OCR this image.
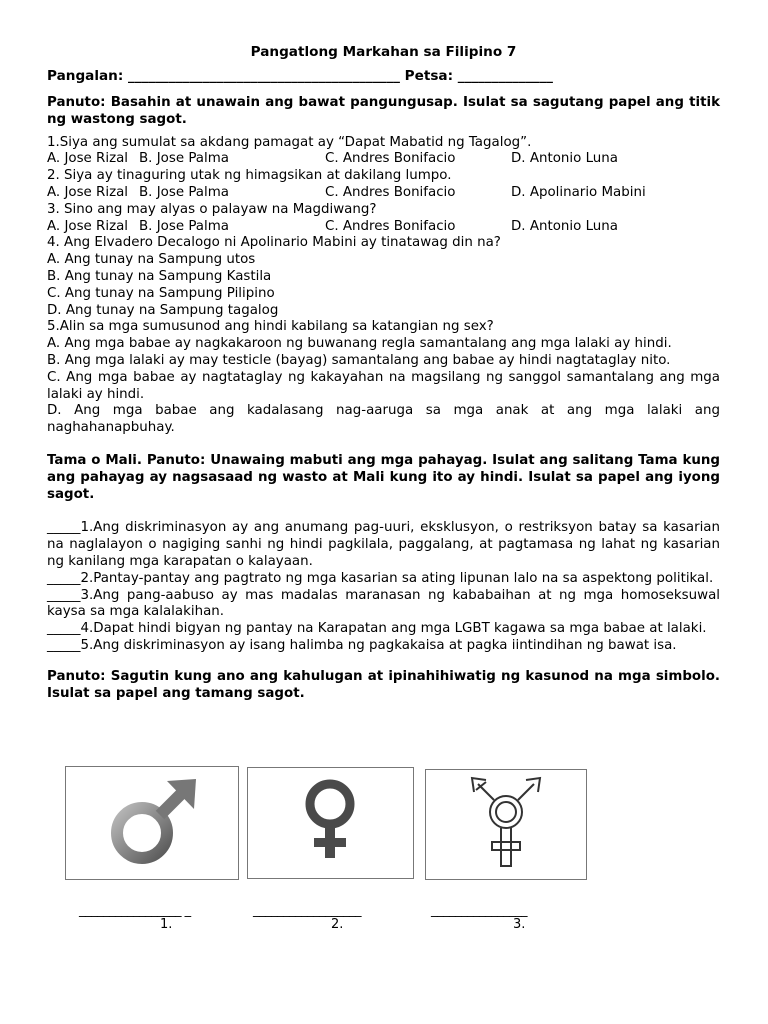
Pangatlong Markahan sa Filipino 7
Pangalan: ________________________________________ Petsa: ______________

Panuto: Basahin at unawain ang bawat pangungusap. Isulat sa sagutang papel ang titik ng wastong sagot.

1.Siya ang sumulat sa akdang pamagat ay “Dapat Mabatid ng Tagalog”.

A. Jose Rizal B. Jose Palma	C. Andres Bonifacio	D. Antonio Luna

2. Siya ay tinaguring utak ng himagsikan at dakilang lumpo.

A. Jose Rizal B. Jose Palma	C. Andres Bonifacio	D. Apolinario Mabini

3. Sino ang may alyas o palayaw na Magdiwang?

A. Jose Rizal B. Jose Palma	C. Andres Bonifacio	D. Antonio Luna

4. Ang Elvadero Decalogo ni Apolinario Mabini ay tinatawag din na?

A. Ang tunay na Sampung utos

B. Ang tunay na Sampung Kastila

C. Ang tunay na Sampung Pilipino

D. Ang tunay na Sampung tagalog

5.Alin sa mga sumusunod ang hindi kabilang sa katangian ng sex?

A. Ang mga babae ay nagkakaroon ng buwanang regla samantalang ang mga lalaki ay hindi.

B. Ang mga lalaki ay may testicle (bayag) samantalang ang babae ay hindi nagtataglay nito.

C. Ang mga babae ay nagtataglay ng kakayahan na magsilang ng sanggol samantalang ang mga lalaki ay hindi.

D. Ang mga babae ang kadalasang nag-aaruga sa mga anak at ang mga lalaki ang naghahanapbuhay.

Tama o Mali. Panuto: Unawaing mabuti ang mga pahayag. Isulat ang salitang Tama kung ang pahayag ay nagsasaad ng wasto at Mali kung ito ay hindi. Isulat sa papel ang iyong sagot.

_____1.Ang diskriminasyon ay ang anumang pag-uuri, eksklusyon, o restriksyon batay sa kasarian na naglalayon o nagiging sanhi ng hindi pagkilala, paggalang, at pagtamasa ng lahat ng kasarian ng kanilang mga karapatan o kalayaan.

_____2.Pantay-pantay ang pagtrato ng mga kasarian sa ating lipunan lalo na sa aspektong politikal.

_____3.Ang pang-aabuso ay mas madalas maranasan ng kababaihan at ng mga homoseksuwal kaysa sa mga kalalakihan.

_____4.Dapat hindi bigyan ng pantay na Karapatan ang mga LGBT kagawa sa mga babae at lalaki.

_____5.Ang diskriminasyon ay isang halimba ng pagkakaisa at pagka iintindihan ng bawat isa.

Panuto: Sagutin kung ano ang kahulugan at ipinahihiwatig ng kasunod na mga simbolo. Isulat sa papel ang tamang sagot.

_________________ _	__________________	________________
1.	2.	3.
